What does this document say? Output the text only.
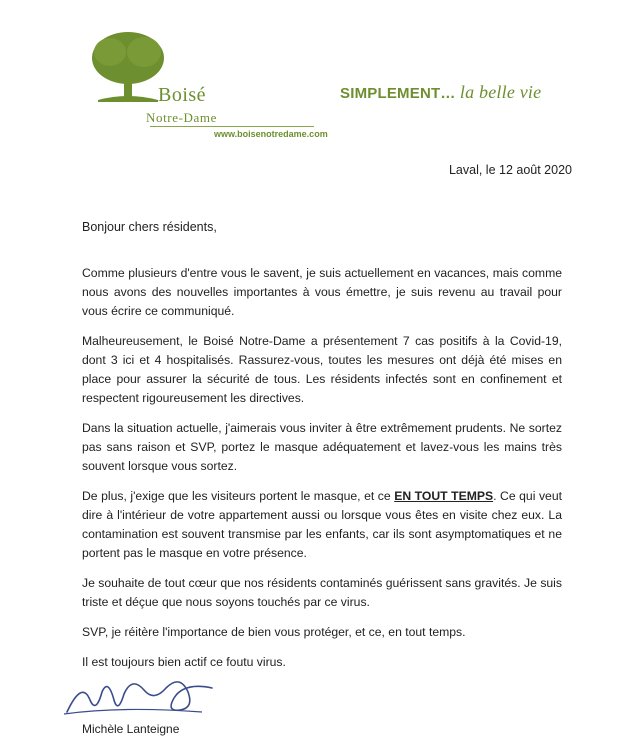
Boisé
Notre-Dame
www.boisenotredame.com
SIMPLEMENT… la belle vie
Laval, le 12 août 2020
Bonjour chers résidents,

Comme plusieurs d'entre vous le savent, je suis actuellement en vacances, mais comme nous avons des nouvelles importantes à vous émettre, je suis revenu au travail pour vous écrire ce communiqué.

Malheureusement, le Boisé Notre-Dame a présentement 7 cas positifs à la Covid-19, dont 3 ici et 4 hospitalisés. Rassurez-vous, toutes les mesures ont déjà été mises en place pour assurer la sécurité de tous. Les résidents infectés sont en confinement et respectent rigoureusement les directives.

Dans la situation actuelle, j'aimerais vous inviter à être extrêmement prudents. Ne sortez pas sans raison et SVP, portez le masque adéquatement et lavez-vous les mains très souvent lorsque vous sortez.

De plus, j'exige que les visiteurs portent le masque, et ce EN TOUT TEMPS. Ce qui veut dire à l'intérieur de votre appartement aussi ou lorsque vous êtes en visite chez eux. La contamination est souvent transmise par les enfants, car ils sont asymptomatiques et ne portent pas le masque en votre présence.

Je souhaite de tout cœur que nos résidents contaminés guérissent sans gravités. Je suis triste et déçue que nous soyons touchés par ce virus.

SVP, je réitère l'importance de bien vous protéger, et ce, en tout temps.

Il est toujours bien actif ce foutu virus.

Michèle Lanteigne
